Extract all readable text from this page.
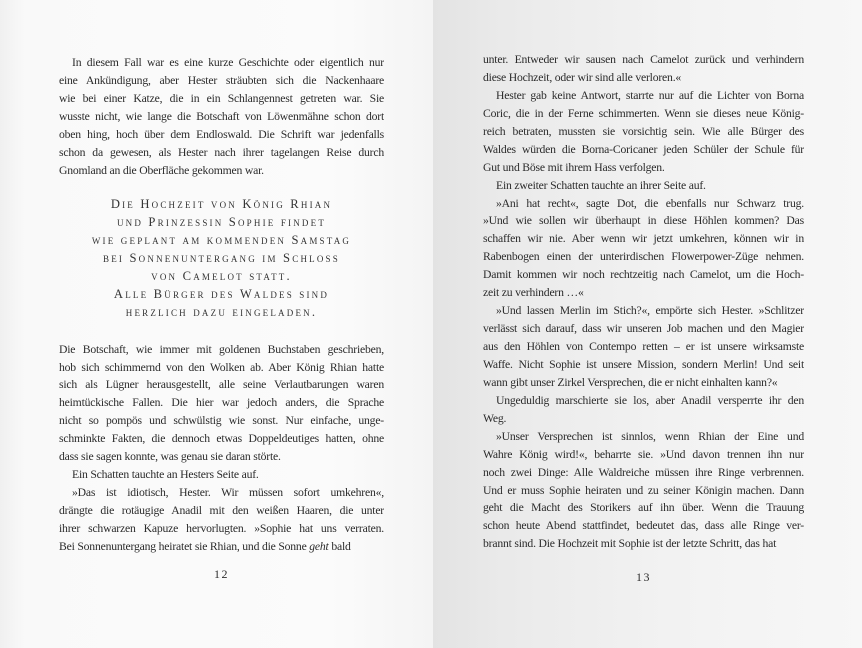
In diesem Fall war es eine kurze Geschichte oder eigentlich nur
eine Ankündigung, aber Hester sträubten sich die Nackenhaare
wie bei einer Katze, die in ein Schlangennest getreten war. Sie
wusste nicht, wie lange die Botschaft von Löwenmähne schon dort
oben hing, hoch über dem Endloswald. Die Schrift war jedenfalls
schon da gewesen, als Hester nach ihrer tagelangen Reise durch
Gnomland an die Oberfläche gekommen war.
Die Hochzeit von König Rhian
und Prinzessin Sophie findet
wie geplant am kommenden Samstag
bei Sonnenuntergang im Schloss
von Camelot statt.
Alle Bürger des Waldes sind
herzlich dazu eingeladen.
Die Botschaft, wie immer mit goldenen Buchstaben geschrieben,
hob sich schimmernd von den Wolken ab. Aber König Rhian hatte
sich als Lügner herausgestellt, alle seine Verlautbarungen waren
heimtückische Fallen. Die hier war jedoch anders, die Sprache
nicht so pompös und schwülstig wie sonst. Nur einfache, unge-
schminkte Fakten, die dennoch etwas Doppeldeutiges hatten, ohne
dass sie sagen konnte, was genau sie daran störte.
Ein Schatten tauchte an Hesters Seite auf.
»Das ist idiotisch, Hester. Wir müssen sofort umkehren«,
drängte die rotäugige Anadil mit den weißen Haaren, die unter
ihrer schwarzen Kapuze hervorlugten. »Sophie hat uns verraten.
Bei Sonnenuntergang heiratet sie Rhian, und die Sonne geht bald
12
unter. Entweder wir sausen nach Camelot zurück und verhindern
diese Hochzeit, oder wir sind alle verloren.«
Hester gab keine Antwort, starrte nur auf die Lichter von Borna
Coric, die in der Ferne schimmerten. Wenn sie dieses neue König-
reich betraten, mussten sie vorsichtig sein. Wie alle Bürger des
Waldes würden die Borna-Coricaner jeden Schüler der Schule für
Gut und Böse mit ihrem Hass verfolgen.
Ein zweiter Schatten tauchte an ihrer Seite auf.
»Ani hat recht«, sagte Dot, die ebenfalls nur Schwarz trug.
»Und wie sollen wir überhaupt in diese Höhlen kommen? Das
schaffen wir nie. Aber wenn wir jetzt umkehren, können wir in
Rabenbogen einen der unterirdischen Flowerpower-Züge nehmen.
Damit kommen wir noch rechtzeitig nach Camelot, um die Hoch-
zeit zu verhindern …«
»Und lassen Merlin im Stich?«, empörte sich Hester. »Schlitzer
verlässt sich darauf, dass wir unseren Job machen und den Magier
aus den Höhlen von Contempo retten – er ist unsere wirksamste
Waffe. Nicht Sophie ist unsere Mission, sondern Merlin! Und seit
wann gibt unser Zirkel Versprechen, die er nicht einhalten kann?«
Ungeduldig marschierte sie los, aber Anadil versperrte ihr den
Weg.
»Unser Versprechen ist sinnlos, wenn Rhian der Eine und
Wahre König wird!«, beharrte sie. »Und davon trennen ihn nur
noch zwei Dinge: Alle Waldreiche müssen ihre Ringe verbrennen.
Und er muss Sophie heiraten und zu seiner Königin machen. Dann
geht die Macht des Storikers auf ihn über. Wenn die Trauung
schon heute Abend stattfindet, bedeutet das, dass alle Ringe ver-
brannt sind. Die Hochzeit mit Sophie ist der letzte Schritt, das hat
13
